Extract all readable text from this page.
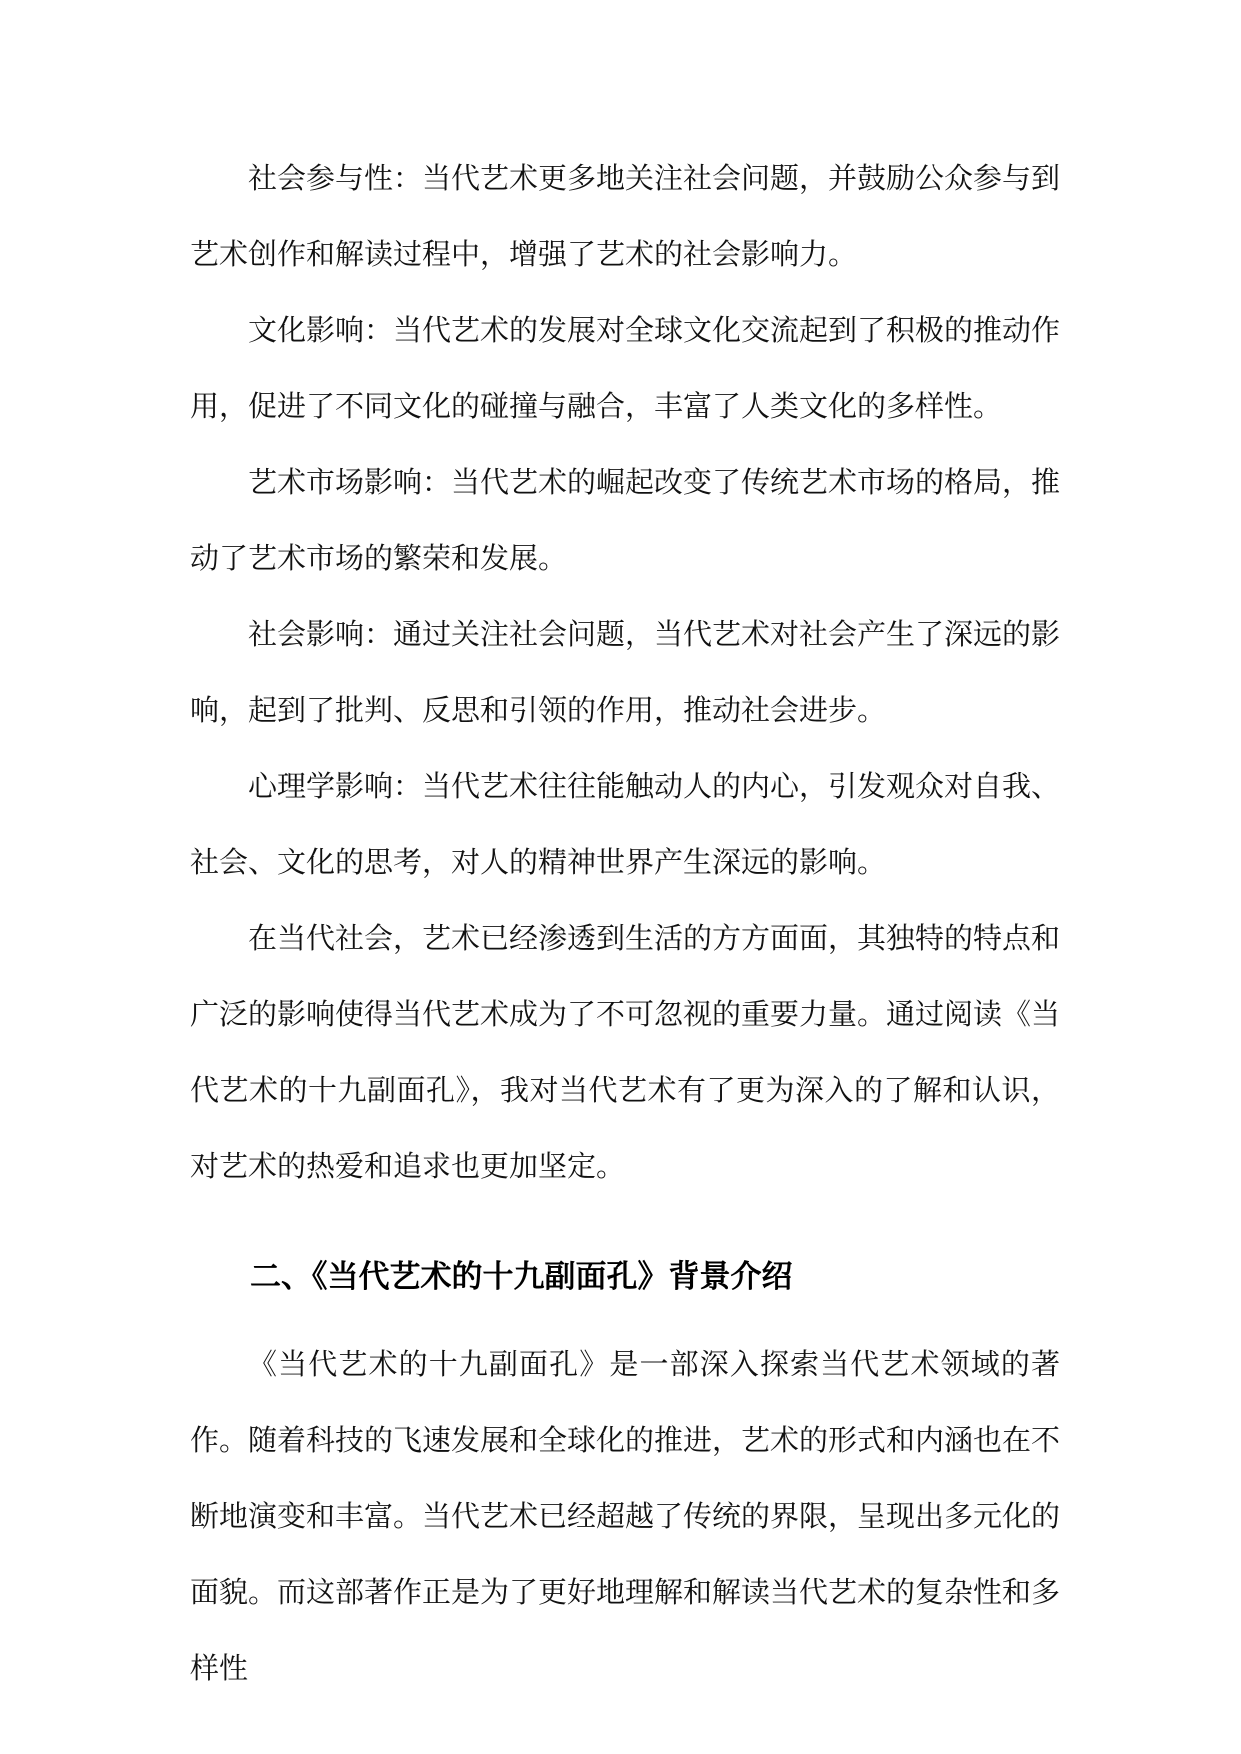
社会参与性：当代艺术更多地关注社会问题，并鼓励公众参与到艺术创作和解读过程中，增强了艺术的社会影响力。

文化影响：当代艺术的发展对全球文化交流起到了积极的推动作用，促进了不同文化的碰撞与融合，丰富了人类文化的多样性。

艺术市场影响：当代艺术的崛起改变了传统艺术市场的格局，推动了艺术市场的繁荣和发展。

社会影响：通过关注社会问题，当代艺术对社会产生了深远的影响，起到了批判、反思和引领的作用，推动社会进步。

心理学影响：当代艺术往往能触动人的内心，引发观众对自我、社会、文化的思考，对人的精神世界产生深远的影响。

在当代社会，艺术已经渗透到生活的方方面面，其独特的特点和广泛的影响使得当代艺术成为了不可忽视的重要力量。通过阅读《当代艺术的十九副面孔》，我对当代艺术有了更为深入的了解和认识，对艺术的热爱和追求也更加坚定。

二、《当代艺术的十九副面孔》背景介绍

《当代艺术的十九副面孔》是一部深入探索当代艺术领域的著作。随着科技的飞速发展和全球化的推进，艺术的形式和内涵也在不断地演变和丰富。当代艺术已经超越了传统的界限，呈现出多元化的面貌。而这部著作正是为了更好地理解和解读当代艺术的复杂性和多样性
